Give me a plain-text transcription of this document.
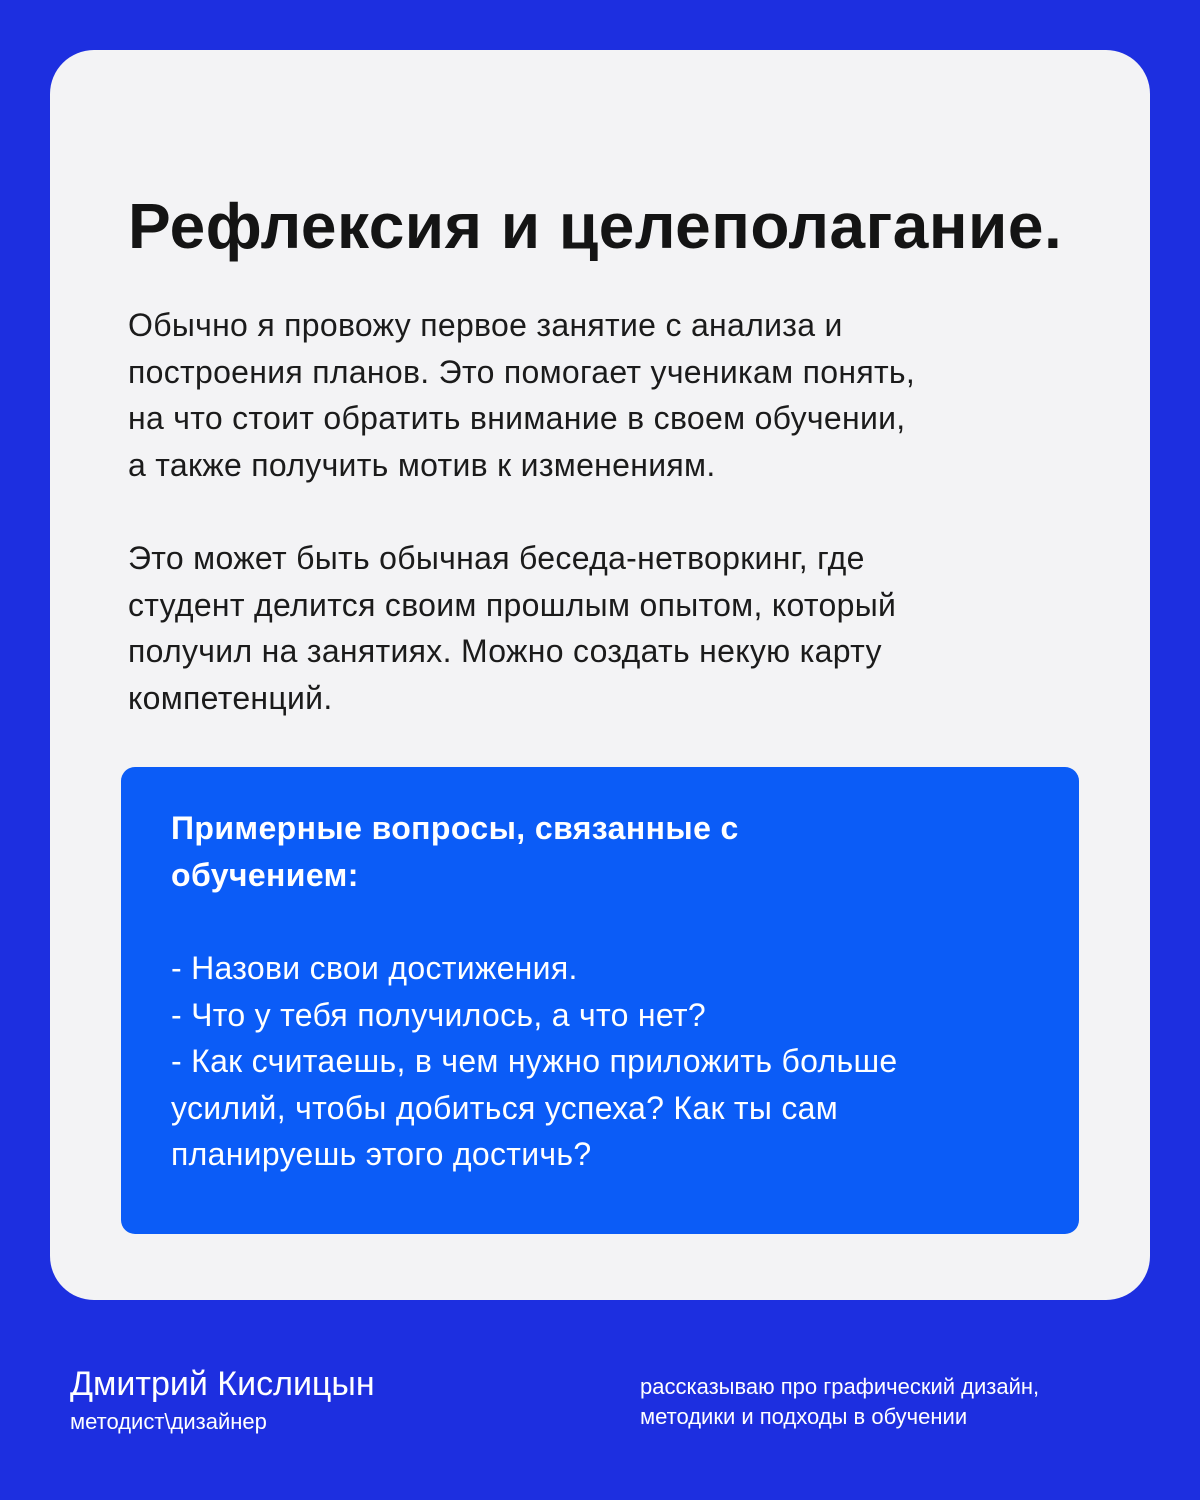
Рефлексия и целеполагание.

Обычно я провожу первое занятие с анализа и
построения планов. Это помогает ученикам понять,
на что стоит обратить внимание в своем обучении,
а также получить мотив к изменениям.

Это может быть обычная беседа-нетворкинг, где
студент делится своим прошлым опытом, который
получил на занятиях. Можно создать некую карту
компетенций.

Примерные вопросы, связанные с
обучением:

- Назови свои достижения.
- Что у тебя получилось, а что нет?
- Как считаешь, в чем нужно приложить больше
усилий, чтобы добиться успеха? Как ты сам
планируешь этого достичь?

Дмитрий Кислицын
методист\дизайнер
рассказываю про графический дизайн,
методики и подходы в обучении
